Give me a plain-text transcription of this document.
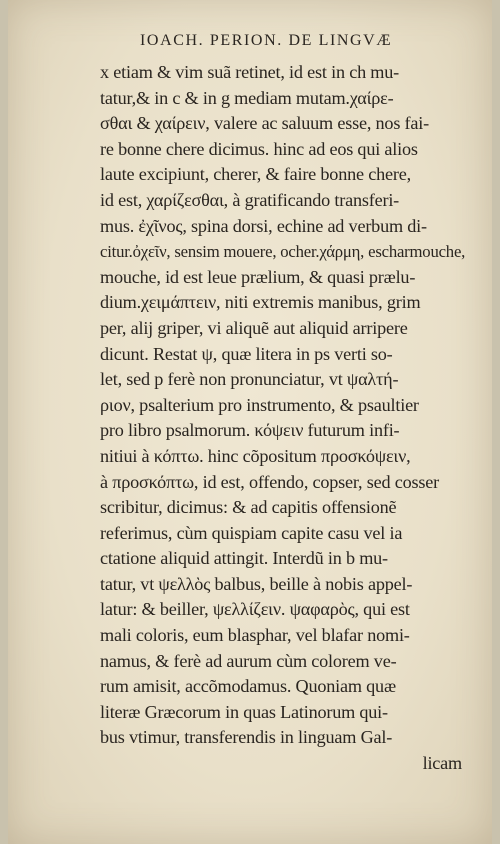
IOACH. PERION. DE LINGVÆ
x etiam & vim suã retinet, id est in ch mu-
tatur,& in c & in g mediam mutam.χαίρε-
σθαι & χαίρειν, valere ac saluum esse, nos fai-
re bonne chere dicimus. hinc ad eos qui alios
laute excipiunt, cherer, & faire bonne chere,
id est, χαρίζεσθαι, à gratificando transferi-
mus. ἐχῖνος, spina dorsi, echine ad verbum di-
citur.ὀχεῖν, sensim mouere, ocher.χάρμη, escharmouche,
mouche, id est leue prælium, & quasi prælu-
dium.χειμάπτειν, niti extremis manibus, grim
per, alij griper, vi aliquẽ aut aliquid arripere
dicunt. Restat ψ, quæ litera in ps verti so-
let, sed p ferè non pronunciatur, vt ψαλτή-
ριον, psalterium pro instrumento, & psaultier
pro libro psalmorum. κόψειν futurum infi-
nitiui à κόπτω. hinc cõpositum προσκόψειν,
à προσκόπτω, id est, offendo, copser, sed cosser
scribitur, dicimus: & ad capitis offensionẽ
referimus, cùm quispiam capite casu vel ia
ctatione aliquid attingit. Interdũ in b mu-
tatur, vt ψελλὸς balbus, beille à nobis appel-
latur: & beiller, ψελλίζειν. ψαφαρὸς, qui est
mali coloris, eum blasphar, vel blafar nomi-
namus, & ferè ad aurum cùm colorem ve-
rum amisit, accõmodamus. Quoniam quæ
literæ Græcorum in quas Latinorum qui-
bus vtimur, transferendis in linguam Gal-
licam
